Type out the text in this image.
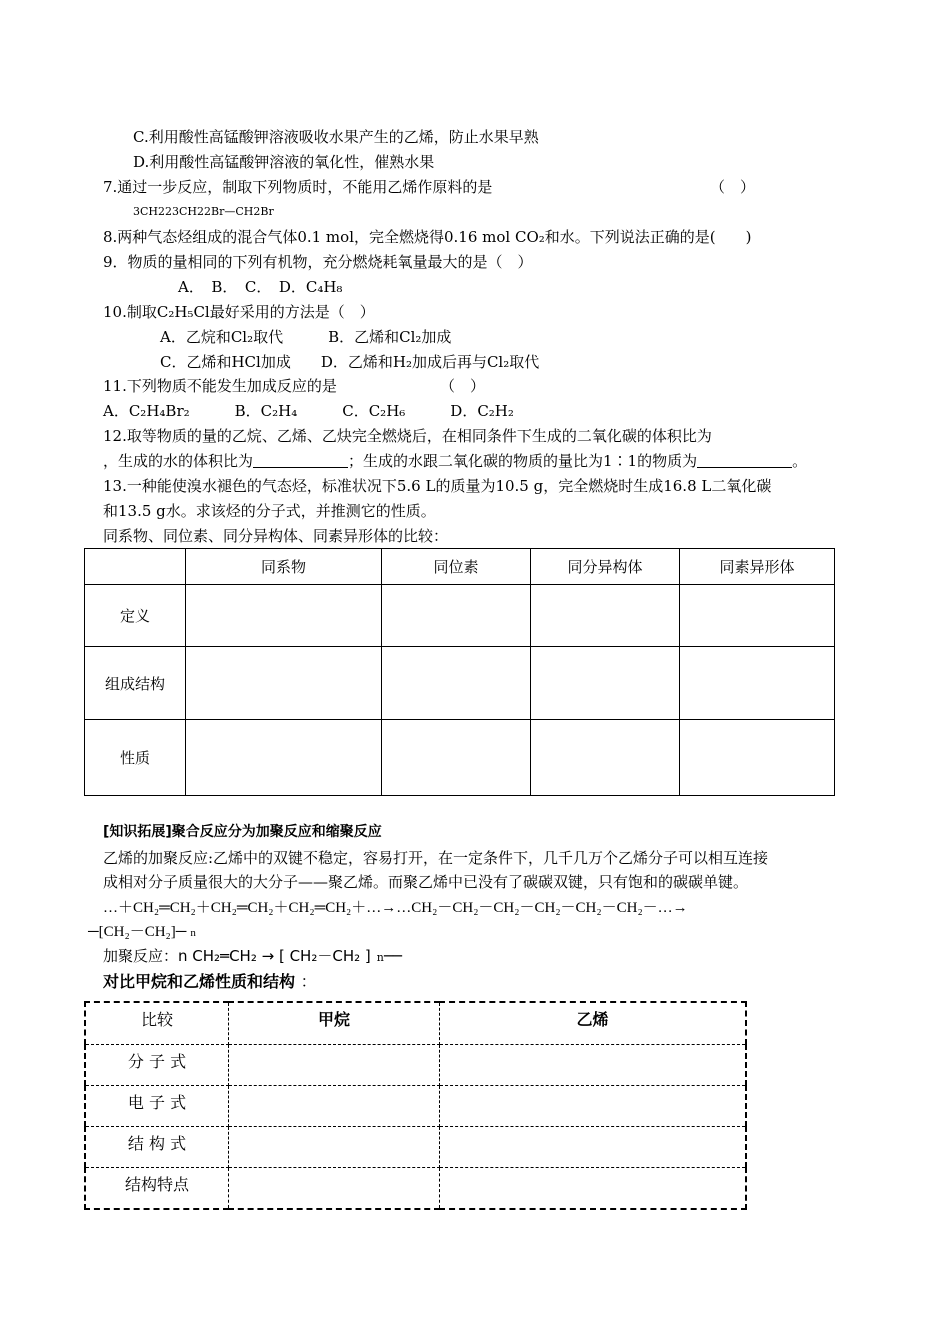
C.利用酸性高锰酸钾溶液吸收水果产生的乙烯，防止水果早熟
D.利用酸性高锰酸钾溶液的氧化性，催熟水果
7.通过一步反应，制取下列物质时，不能用乙烯作原料的是	（　）
3CH223CH22Br—CH2Br
8.两种气态烃组成的混合气体0.1 mol，完全燃烧得0.16 mol CO₂和水。下列说法正确的是(　　)
9．物质的量相同的下列有机物，充分燃烧耗氧量最大的是（　）
A．　B．　C．　D．C₄H₈
10.制取C₂H₅Cl最好采用的方法是（　）
A．乙烷和Cl₂取代　　　B．乙烯和Cl₂加成
C．乙烯和HCl加成　　D．乙烯和H₂加成后再与Cl₂取代
11.下列物质不能发生加成反应的是	（　）
A．C₂H₄Br₂　　　B．C₂H₄　　　C．C₂H₆　　　D．C₂H₂
12.取等物质的量的乙烷、乙烯、乙炔完全燃烧后，在相同条件下生成的二氧化碳的体积比为
，生成的水的体积比为	；生成的水跟二氧化碳的物质的量比为1∶1的物质为	。
13.一种能使溴水褪色的气态烃，标准状况下5.6 L的质量为10.5 g，完全燃烧时生成16.8 L二氧化碳
和13.5 g水。求该烃的分子式，并推测它的性质。
同系物、同位素、同分异构体、同素异形体的比较：
	同系物	同位素	同分异构体	同素异形体
定义				
组成结构				
性质				
[知识拓展]聚合反应分为加聚反应和缩聚反应
乙烯的加聚反应:乙烯中的双键不稳定，容易打开，在一定条件下，几千几万个乙烯分子可以相互连接
成相对分子质量很大的大分子——聚乙烯。而聚乙烯中已没有了碳碳双键，只有饱和的碳碳单键。
…＋CH₂═CH₂＋CH₂═CH₂＋CH₂═CH₂＋…→…CH₂－CH₂－CH₂－CH₂－CH₂－CH₂－…→
─[CH₂－CH₂]─ n
加聚反应：n CH₂═CH₂ → [ CH₂－CH₂ ] n──
对比甲烷和乙烯性质和结构 ：
比较	甲烷	乙烯
分 子 式		
电 子 式		
结 构 式		
结构特点		
